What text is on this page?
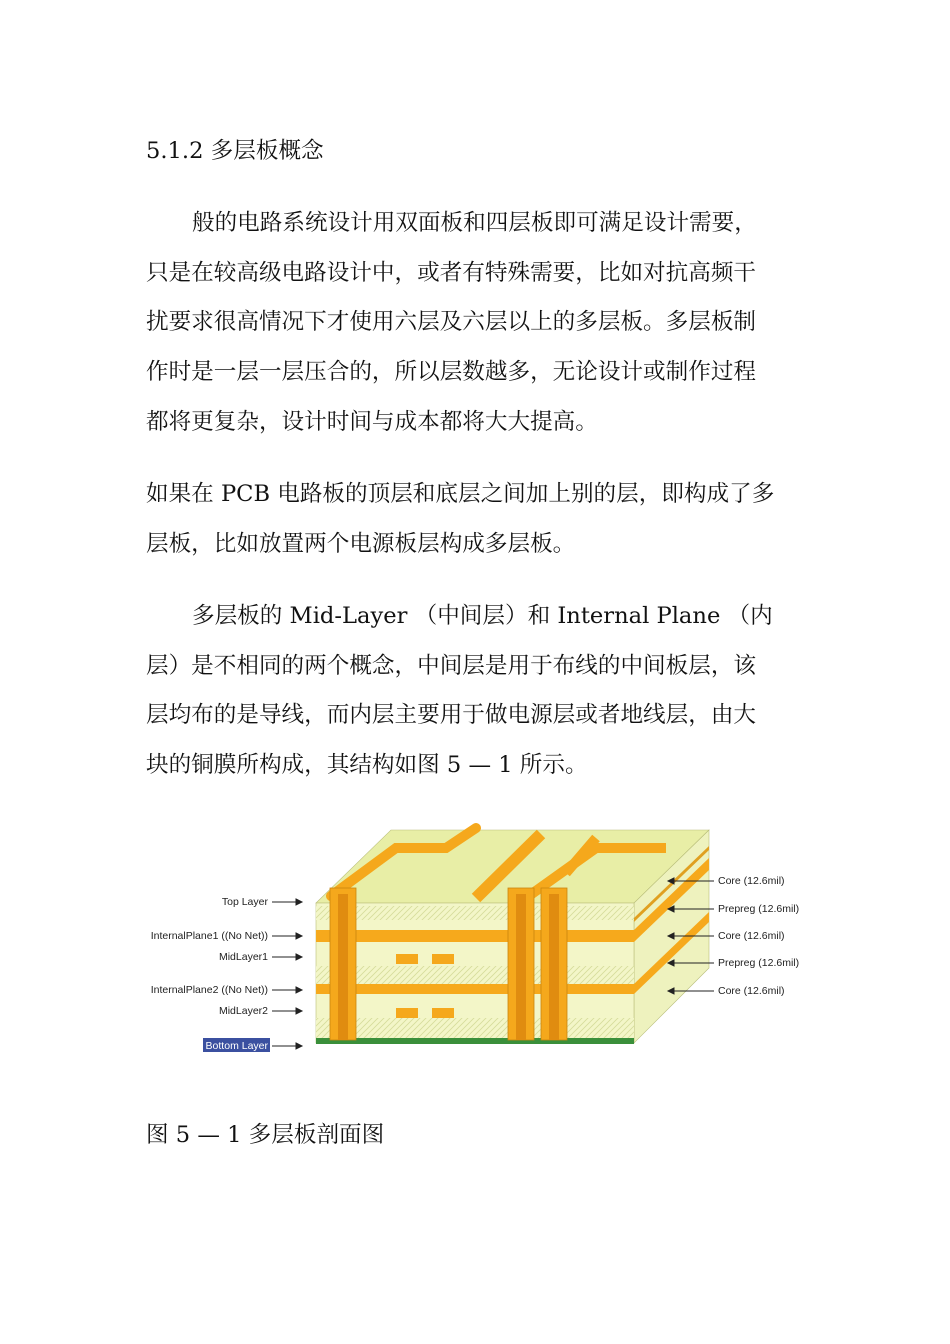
5.1.2 多层板概念
般的电路系统设计用双面板和四层板即可满足设计需要，
只是在较高级电路设计中，或者有特殊需要，比如对抗高频干
扰要求很高情况下才使用六层及六层以上的多层板。多层板制
作时是一层一层压合的，所以层数越多，无论设计或制作过程
都将更复杂，设计时间与成本都将大大提高。
如果在 PCB 电路板的顶层和底层之间加上别的层，即构成了多
层板，比如放置两个电源板层构成多层板。
多层板的 Mid-Layer （中间层）和 Internal Plane （内
层）是不相同的两个概念，中间层是用于布线的中间板层，该
层均布的是导线，而内层主要用于做电源层或者地线层，由大
块的铜膜所构成，其结构如图 5 — 1 所示。
Top Layer
InternalPlane1 ((No Net))
MidLayer1
InternalPlane2 ((No Net))
MidLayer2
Bottom Layer
Core (12.6mil)
Prepreg (12.6mil)
Core (12.6mil)
Prepreg (12.6mil)
Core (12.6mil)
图 5 — 1 多层板剖面图
